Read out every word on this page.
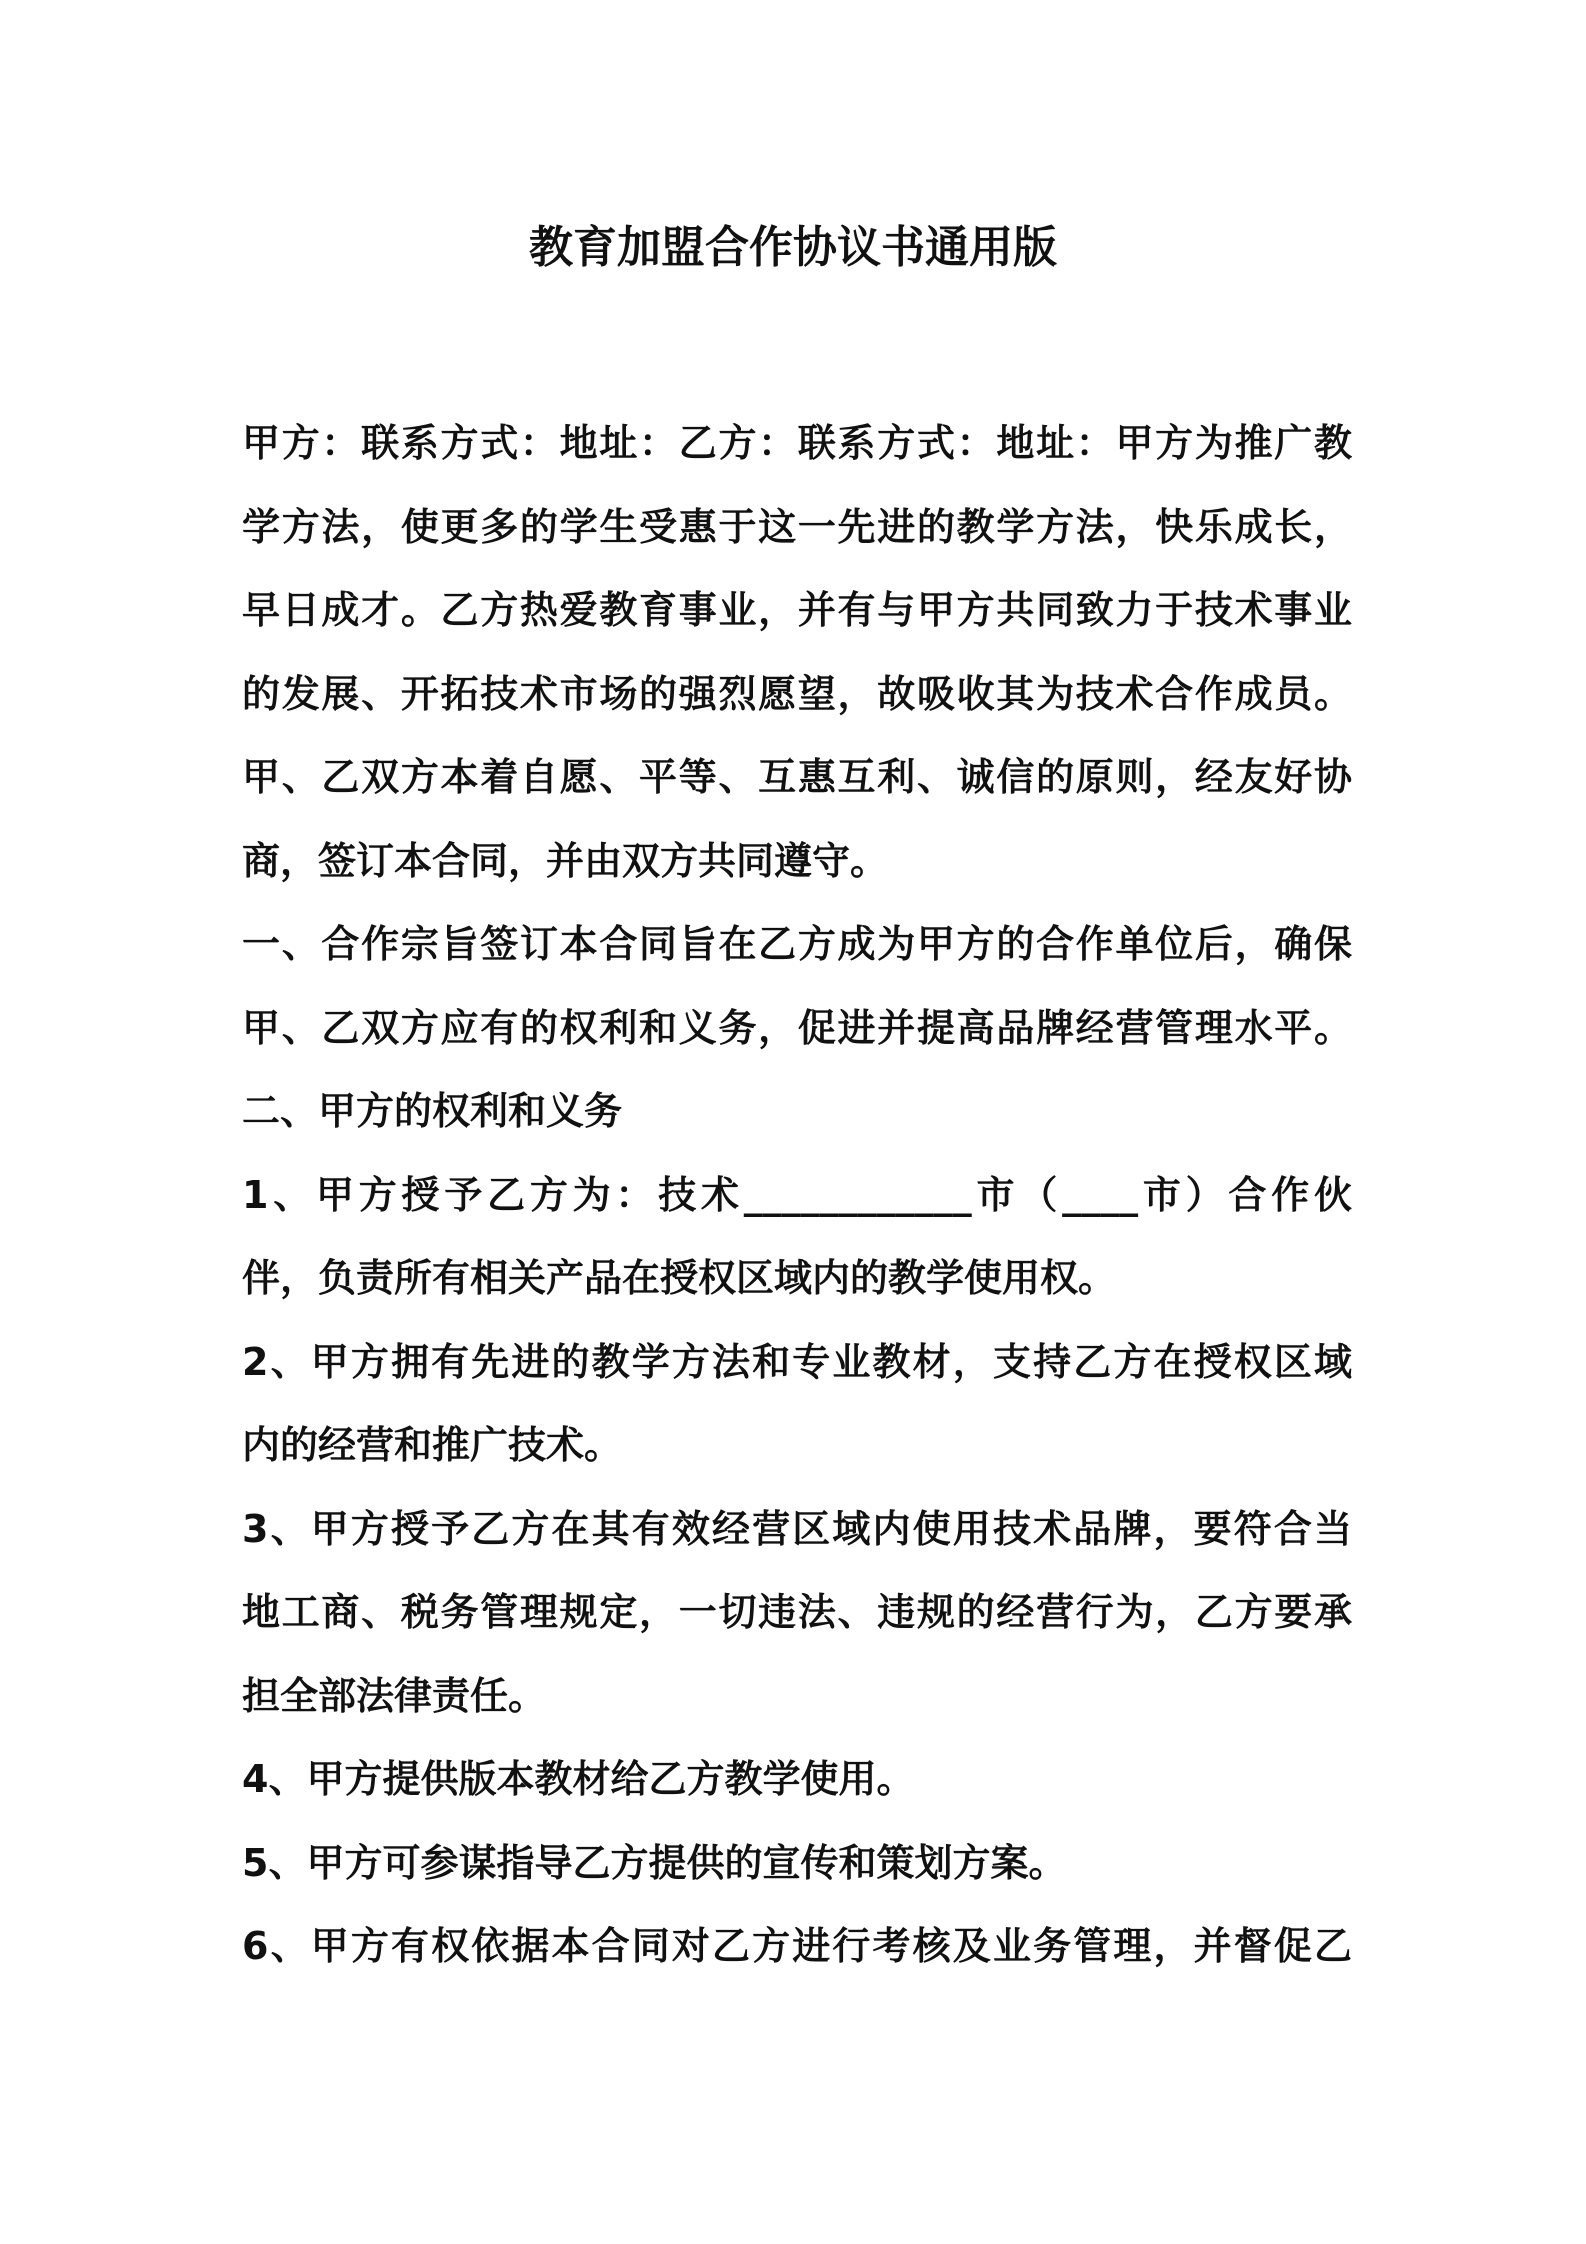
教育加盟合作协议书通用版
甲方：联系方式：地址：乙方：联系方式：地址：甲方为推广教
学方法，使更多的学生受惠于这一先进的教学方法，快乐成长，
早日成才。乙方热爱教育事业，并有与甲方共同致力于技术事业
的发展、开拓技术市场的强烈愿望，故吸收其为技术合作成员。
甲、乙双方本着自愿、平等、互惠互利、诚信的原则，经友好协
商，签订本合同，并由双方共同遵守。
一、合作宗旨签订本合同旨在乙方成为甲方的合作单位后，确保
甲、乙双方应有的权利和义务，促进并提高品牌经营管理水平。
二、甲方的权利和义务
1、甲方授予乙方为：技术____________市（____市）合作伙
伴，负责所有相关产品在授权区域内的教学使用权。
2、甲方拥有先进的教学方法和专业教材，支持乙方在授权区域
内的经营和推广技术。
3、甲方授予乙方在其有效经营区域内使用技术品牌，要符合当
地工商、税务管理规定，一切违法、违规的经营行为，乙方要承
担全部法律责任。
4、甲方提供版本教材给乙方教学使用。
5、甲方可参谋指导乙方提供的宣传和策划方案。
6、甲方有权依据本合同对乙方进行考核及业务管理，并督促乙
